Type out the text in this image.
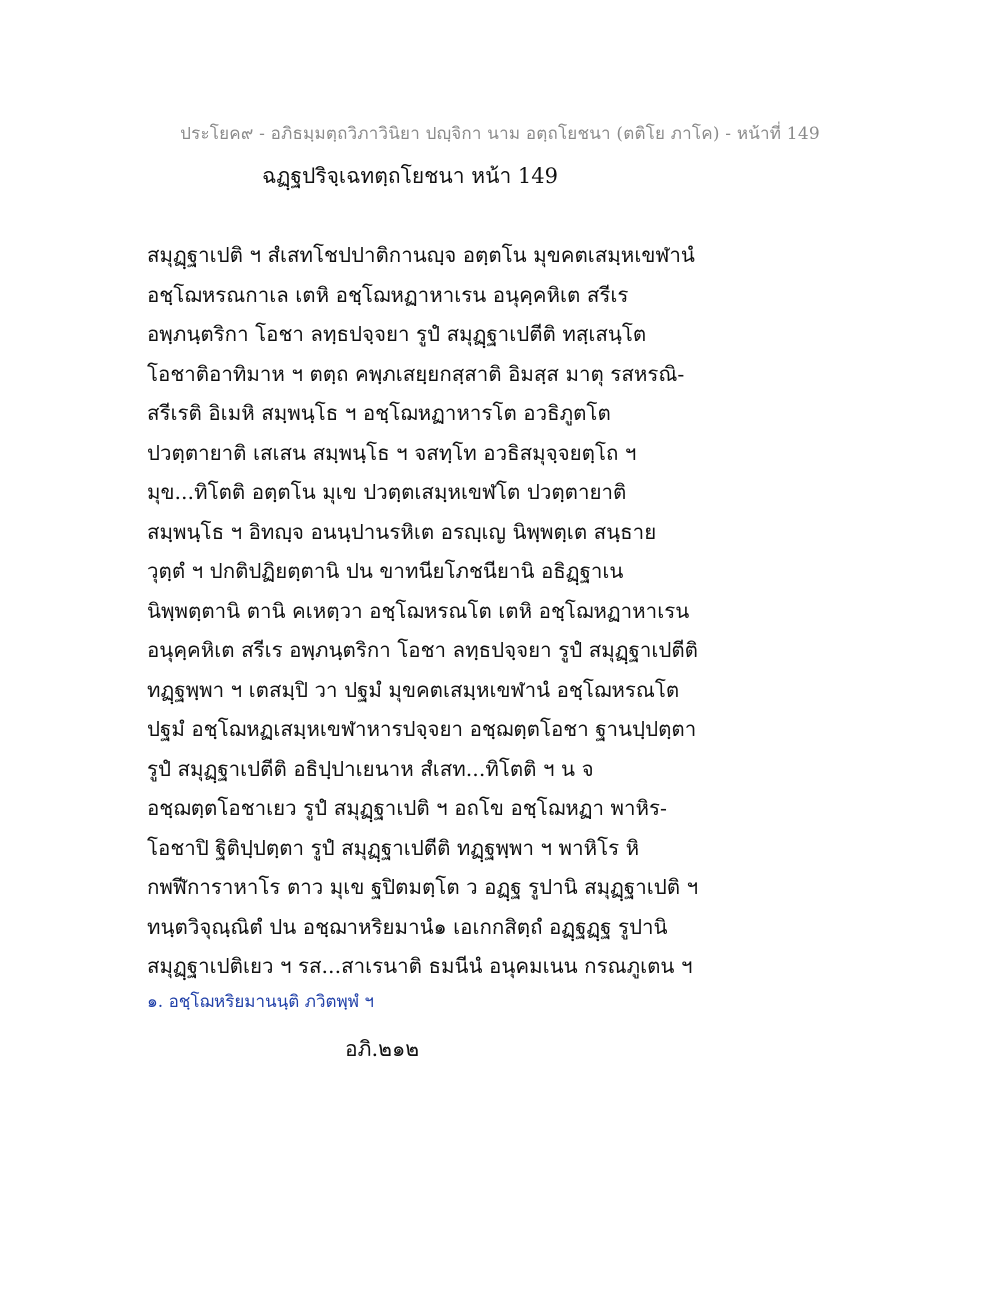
ประโยค๙ - อภิธมฺมตฺถวิภาวินิยา ปญฺจิกา นาม อตฺถโยชนา (ตติโย ภาโค) - หน้าที่ 149
ฉฏฺฐปริจฺเฉทตฺถโยชนา หน้า 149
สมุฏฺฐาเปติ ฯ สํเสทโชปปาติกานญฺจ อตฺตโน มุขคตเสมฺหเขฬานํ
อชฺโฌหรณกาเล เตหิ อชฺโฌหฏาหาเรน อนุคฺคหิเต สรีเร
อพฺภนฺตริกา โอชา ลทฺธปจฺจยา รูปํ สมุฏฺฐาเปตีติ ทสฺเสนฺโต
โอชาติอาทิมาห ฯ ตตฺถ คพฺภเสยฺยกสฺสาติ อิมสฺส มาตุ รสหรณิ-
สรีเรติ อิเมหิ สมฺพนฺโธ ฯ อชฺโฌหฏาหารโต อวธิภูตโต
ปวตฺตายาติ เสเสน สมฺพนฺโธ ฯ จสทฺโท อวธิสมุจฺจยตฺโถ ฯ
มุข...ทิโตติ อตฺตโน มุเข ปวตฺตเสมฺหเขฬโต ปวตฺตายาติ
สมฺพนฺโธ ฯ อิทญฺจ อนนฺปานรหิเต อรญฺเญ นิพฺพตฺเต สนฺธาย
วุตฺตํ ฯ ปกติปฏิยตฺตานิ ปน ขาทนียโภชนียานิ อธิฏฺฐาเน
นิพฺพตฺตานิ ตานิ คเหตฺวา อชฺโฌหรณโต เตหิ อชฺโฌหฏาหาเรน
อนุคฺคหิเต สรีเร อพฺภนฺตริกา โอชา ลทฺธปจฺจยา รูปํ สมุฏฺฐาเปตีติ
ทฏฺฐพฺพา ฯ เตสมฺปิ วา ปฐมํ มุขคตเสมฺหเขฬานํ อชฺโฌหรณโต
ปฐมํ อชฺโฌหฏเสมฺหเขฬาหารปจฺจยา อชฺฌตฺตโอชา ฐานปฺปตฺตา
รูปํ สมุฏฺฐาเปตีติ อธิปฺปาเยนาห สํเสท...ทิโตติ ฯ น จ
อชฺฌตฺตโอชาเยว รูปํ สมุฏฺฐาเปติ ฯ อถโข อชฺโฌหฏา พาหิร-
โอชาปิ ฐิติปฺปตฺตา รูปํ สมุฏฺฐาเปตีติ ทฏฺฐพฺพา ฯ พาหิโร หิ
กพฬีการาหาโร ตาว มุเข ฐปิตมตฺโต ว อฏฺฐ รูปานิ สมุฏฺฐาเปติ ฯ
ทนฺตวิจุณฺณิตํ ปน อชฺฌาหริยมานํ๑ เอเกกสิตฺถํ อฏฺฐฏฺฐ รูปานิ
สมุฏฺฐาเปติเยว ฯ รส...สาเรนาติ ธมนีนํ อนุคมเนน กรณภูเตน ฯ
๑. อชฺโฌหริยมานนฺติ ภวิตพฺพํ ฯ
อภิ.๒๑๒
